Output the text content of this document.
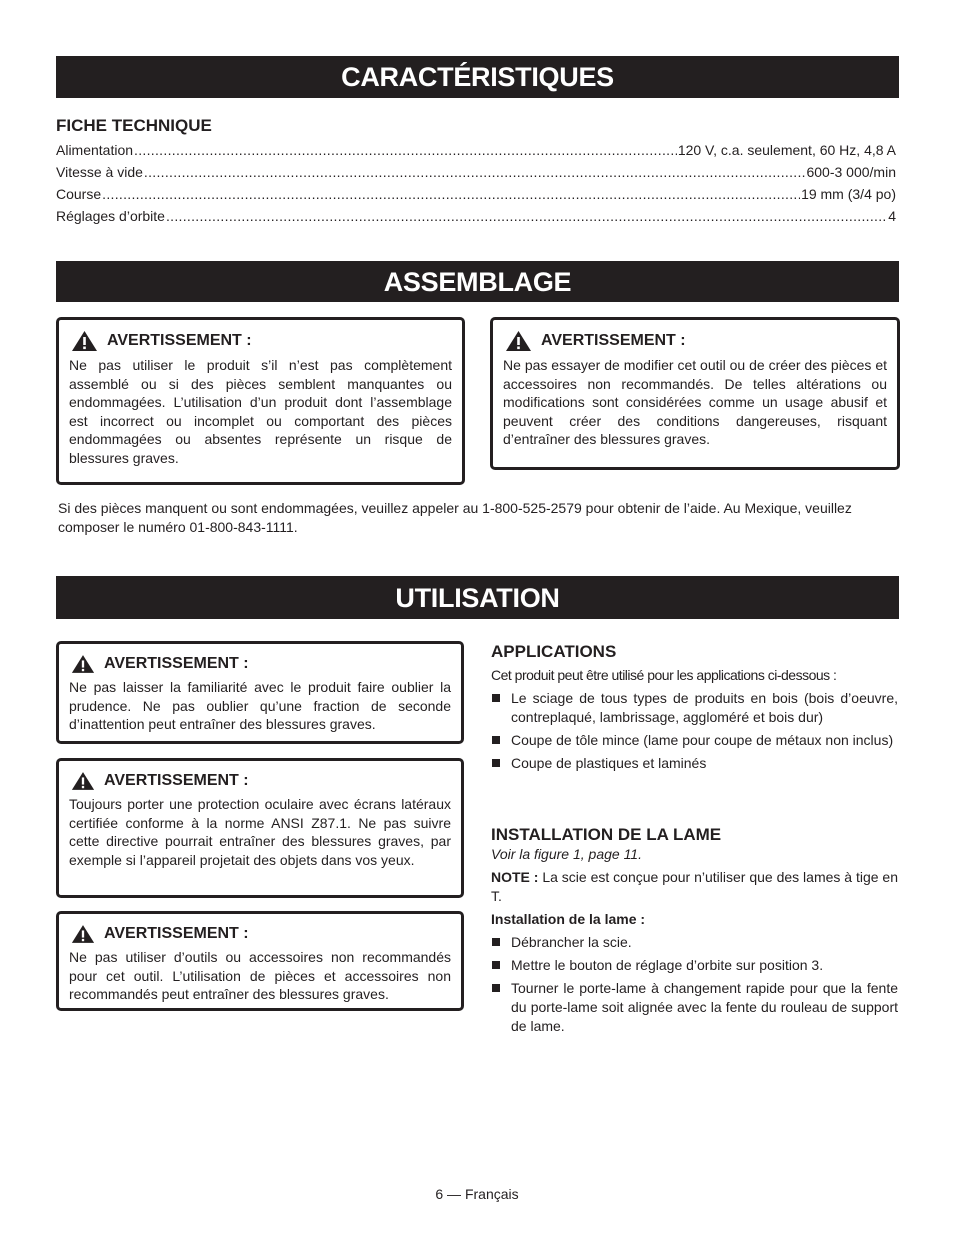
CARACTÉRISTIQUES
FICHE TECHNIQUE
Alimentation .....	120 V, c.a. seulement, 60 Hz, 4,8 A
Vitesse à vide .....	600-3 000/min
Course .....	19 mm (3/4 po)
Réglages d’orbite .....	4
ASSEMBLAGE
AVERTISSEMENT :
Ne pas utiliser le produit s’il n’est pas complètement assemblé ou si des pièces semblent manquantes ou endommagées. L’utilisation d’un produit dont l’assemblage est incorrect ou incomplet ou comportant des pièces endommagées ou absentes représente un risque de blessures graves.
AVERTISSEMENT :
Ne pas essayer de modifier cet outil ou de créer des pièces et accessoires non recommandés. De telles altérations ou modifications sont considérées comme un usage abusif et peuvent créer des conditions dangereuses, risquant d’entraîner des blessures graves.
Si des pièces manquent ou sont endommagées, veuillez appeler au 1-800-525-2579 pour obtenir de l’aide. Au Mexique, veuillez composer le numéro 01-800-843-1111.
UTILISATION
AVERTISSEMENT :
Ne pas laisser la familiarité avec le produit faire oublier la prudence. Ne pas oublier qu’une fraction de seconde d’inattention peut entraîner des blessures graves.
AVERTISSEMENT :
Toujours porter une protection oculaire avec écrans latéraux certifiée conforme à la norme ANSI Z87.1. Ne pas suivre cette directive pourrait entraîner des blessures graves, par exemple si l’appareil projetait des objets dans vos yeux.
AVERTISSEMENT :
Ne pas utiliser d’outils ou accessoires non recommandés pour cet outil. L’utilisation de pièces et accessoires non recommandés peut entraîner des blessures graves.
APPLICATIONS
Cet produit peut être utilisé pour les applications ci-dessous :
Le sciage de tous types de produits en bois (bois d’oeuvre, contreplaqué, lambrissage, aggloméré et bois dur)
Coupe de tôle mince (lame pour coupe de métaux non inclus)
Coupe de plastiques et laminés
INSTALLATION DE LA LAME
Voir la figure 1, page 11.
NOTE : La scie est conçue pour n’utiliser que des lames à tige en T.
Installation de la lame :
Débrancher la scie.
Mettre le bouton de réglage d’orbite sur position 3.
Tourner le porte-lame à changement rapide pour que la fente du porte-lame soit alignée avec la fente du rouleau de support de lame.
6 — Français
